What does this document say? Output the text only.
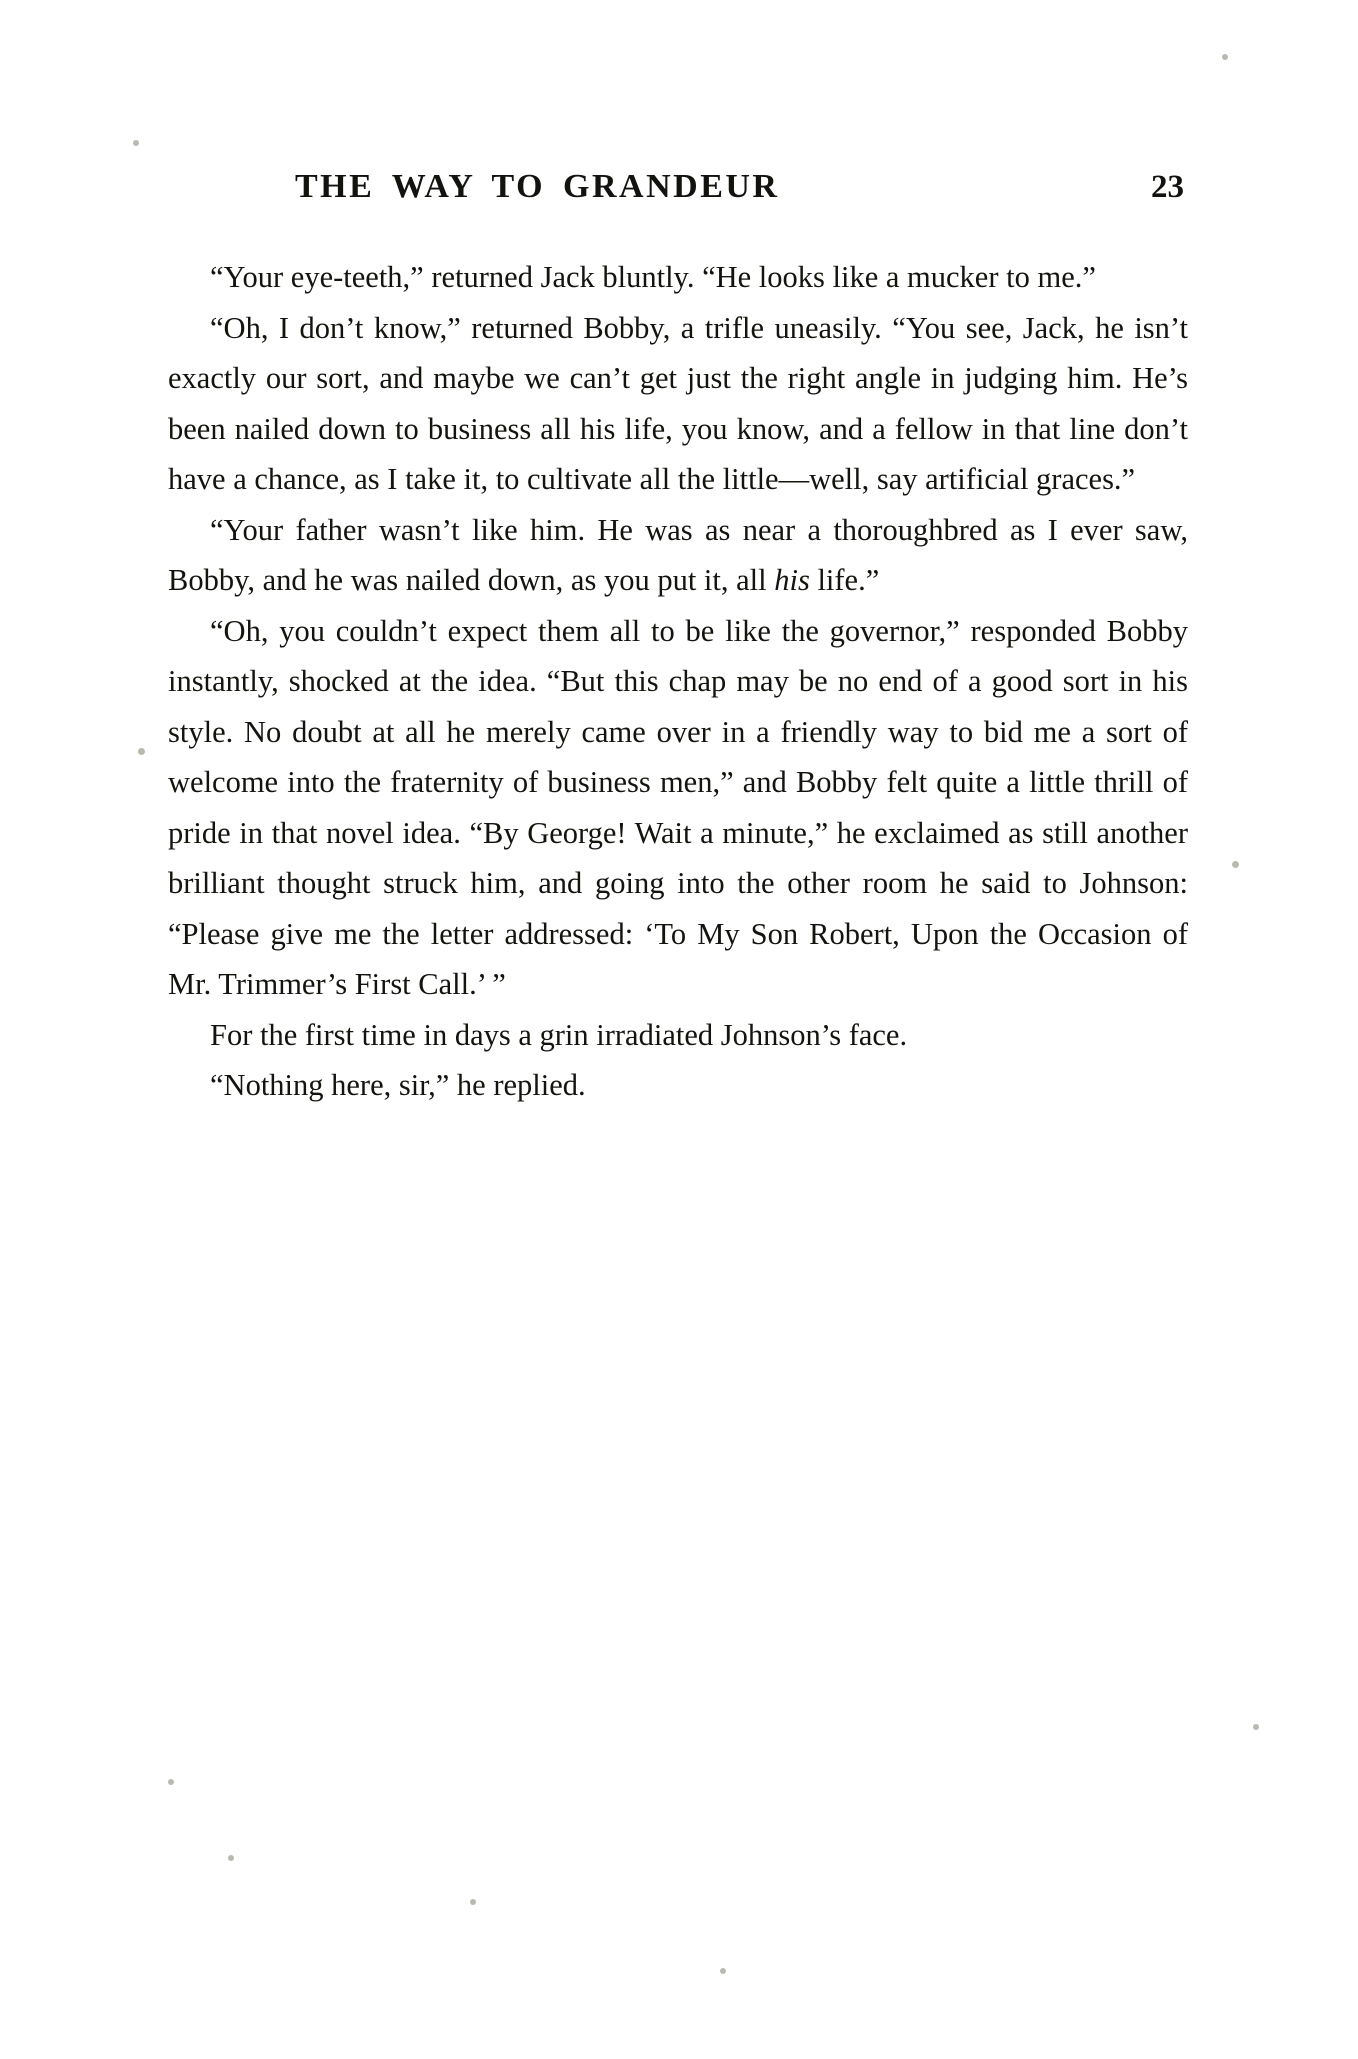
THE WAY TO GRANDEUR	23

“Your eye-teeth,” returned Jack bluntly. “He looks like a mucker to me.”

“Oh, I don’t know,” returned Bobby, a trifle uneasily. “You see, Jack, he isn’t exactly our sort, and maybe we can’t get just the right angle in judging him. He’s been nailed down to business all his life, you know, and a fellow in that line don’t have a chance, as I take it, to cultivate all the little—well, say artificial graces.”

“Your father wasn’t like him. He was as near a thoroughbred as I ever saw, Bobby, and he was nailed down, as you put it, all his life.”

“Oh, you couldn’t expect them all to be like the governor,” responded Bobby instantly, shocked at the idea. “But this chap may be no end of a good sort in his style. No doubt at all he merely came over in a friendly way to bid me a sort of welcome into the fraternity of business men,” and Bobby felt quite a little thrill of pride in that novel idea. “By George! Wait a minute,” he exclaimed as still another brilliant thought struck him, and going into the other room he said to Johnson: “Please give me the letter addressed: ‘To My Son Robert, Upon the Occasion of Mr. Trimmer’s First Call.’ ”

For the first time in days a grin irradiated Johnson’s face.

“Nothing here, sir,” he replied.
